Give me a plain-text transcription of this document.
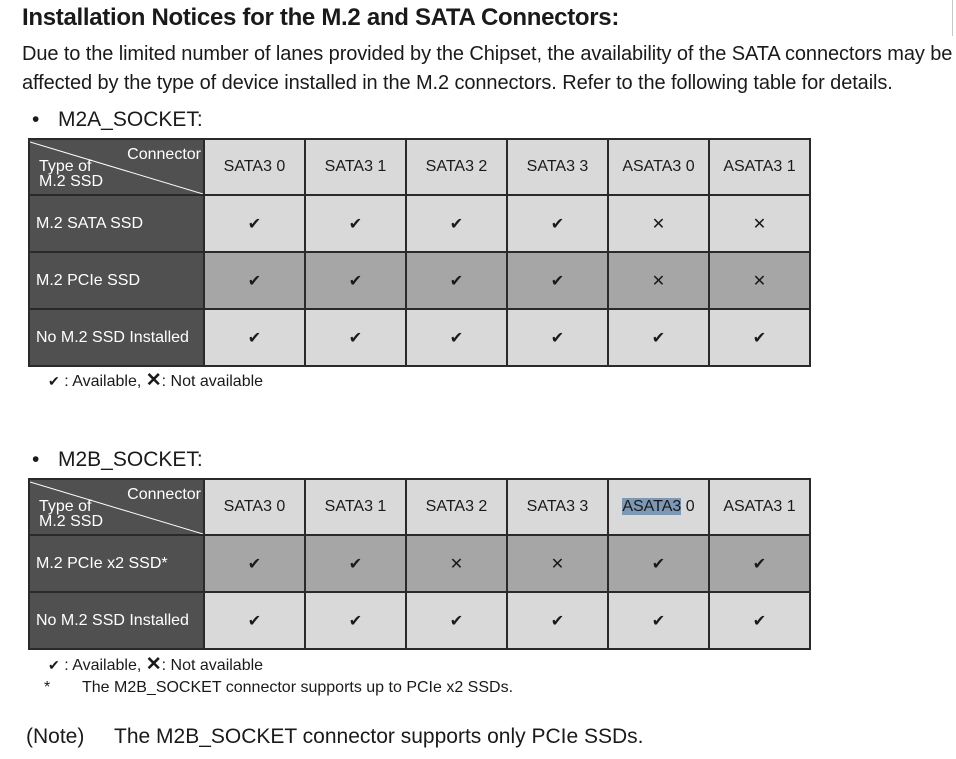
Installation Notices for the M.2 and SATA Connectors:
Due to the limited number of lanes provided by the Chipset, the availability of the SATA connectors may be affected by the type of device installed in the M.2 connectors. Refer to the following table for details.
• M2A_SOCKET:
Connector
Type of
M.2 SSD	SATA3 0	SATA3 1	SATA3 2	SATA3 3	ASATA3 0	ASATA3 1
M.2 SATA SSD	✔	✔	✔	✔	✕	✕
M.2 PCIe SSD	✔	✔	✔	✔	✕	✕
No M.2 SSD Installed	✔	✔	✔	✔	✔	✔
✔ : Available, ✕: Not available
• M2B_SOCKET:
Connector
Type of
M.2 SSD	SATA3 0	SATA3 1	SATA3 2	SATA3 3	ASATA3 0	ASATA3 1
M.2 PCIe x2 SSD*	✔	✔	✕	✕	✔	✔
No M.2 SSD Installed	✔	✔	✔	✔	✔	✔
✔ : Available, ✕: Not available
* The M2B_SOCKET connector supports up to PCIe x2 SSDs.
(Note) The M2B_SOCKET connector supports only PCIe SSDs.
